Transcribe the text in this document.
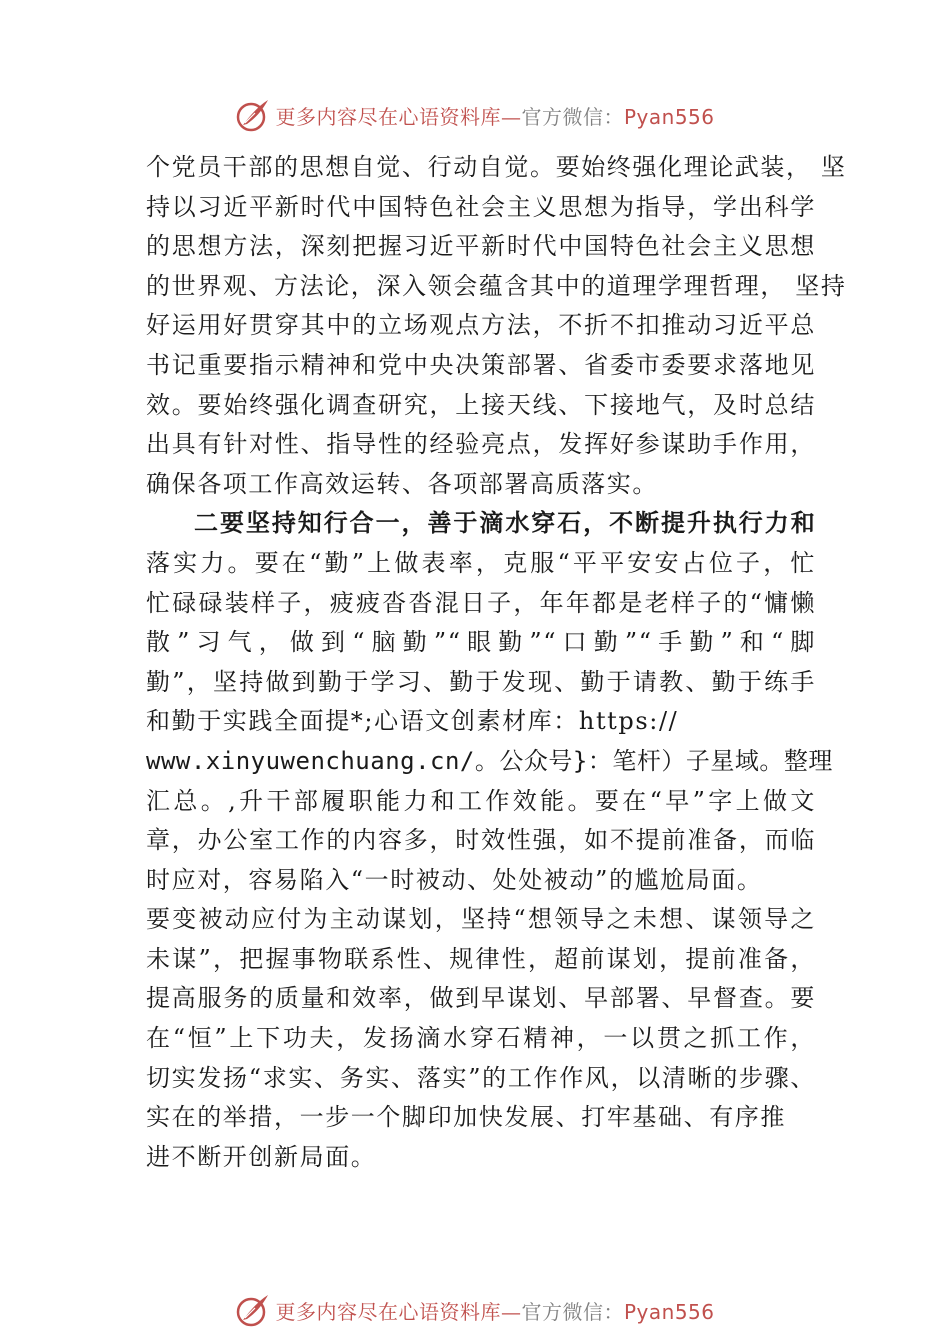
更多内容尽在心语资料库—官方微信：Pyan556
个党员干部的思想自觉、行动自觉。要始终强化理论武装， 坚
持以习近平新时代中国特色社会主义思想为指导，学出科学
的思想方法，深刻把握习近平新时代中国特色社会主义思想
的世界观、方法论，深入领会蕴含其中的道理学理哲理， 坚持
好运用好贯穿其中的立场观点方法，不折不扣推动习近平总
书记重要指示精神和党中央决策部署、省委市委要求落地见
效。要始终强化调查研究，上接天线、下接地气，及时总结
出具有针对性、指导性的经验亮点，发挥好参谋助手作用，
确保各项工作高效运转、各项部署高质落实。
二要坚持知行合一，善于滴水穿石，不断提升执行力和
落实力。要在“勤”上做表率，克服“平平安安占位子，忙
忙碌碌装样子，疲疲沓沓混日子，年年都是老样子的“慵懒
散”习气，做到“脑勤”“眼勤”“口勤”“手勤”和“脚
勤”，坚持做到勤于学习、勤于发现、勤于请教、勤于练手
和勤于实践全面提*;心语文创素材库：https://
www.xinyuwenchuang.cn/。公众号}：笔杆）子星域。整理
汇总。,升干部履职能力和工作效能。要在“早”字上做文
章，办公室工作的内容多，时效性强，如不提前准备，而临
时应对，容易陷入“一时被动、处处被动”的尴尬局面。
要变被动应付为主动谋划，坚持“想领导之未想、谋领导之
未谋”，把握事物联系性、规律性，超前谋划，提前准备，
提高服务的质量和效率，做到早谋划、早部署、早督查。要
在“恒”上下功夫，发扬滴水穿石精神，一以贯之抓工作，
切实发扬“求实、务实、落实”的工作作风，以清晰的步骤、
实在的举措，一步一个脚印加快发展、打牢基础、有序推
进不断开创新局面。
更多内容尽在心语资料库—官方微信：Pyan556
